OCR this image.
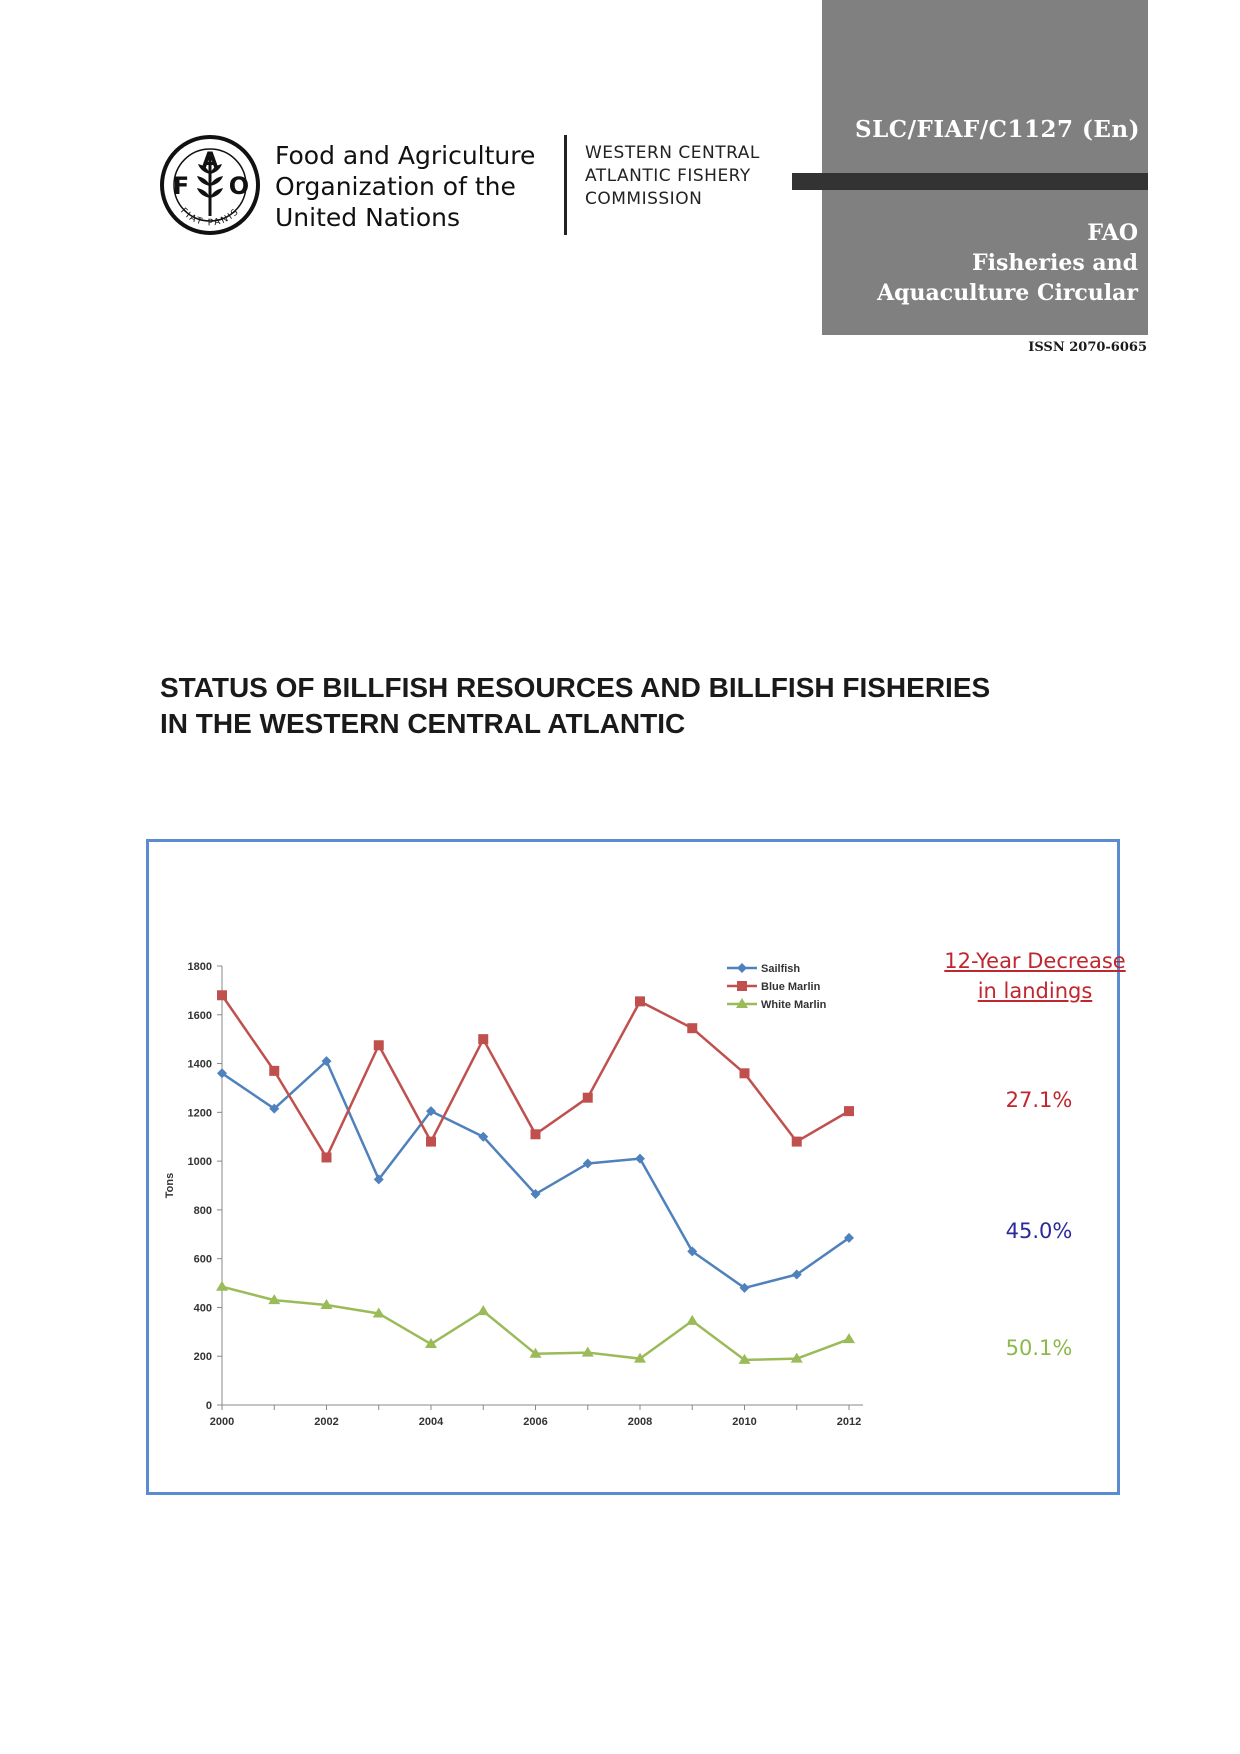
SLC/FIAF/C1127 (En)
FAO
Fisheries and
Aquaculture Circular
ISSN 2070-6065
F
A
O
FIAT PANIS
Food and Agriculture
Organization of the
United Nations
WESTERN CENTRAL
ATLANTIC FISHERY
COMMISSION
STATUS OF BILLFISH RESOURCES AND BILLFISH FISHERIES
IN THE WESTERN CENTRAL ATLANTIC
0
200
400
600
800
1000
1200
1400
1600
1800
2000	2002	2004	2006	2008	2010	2012
Tons
Sailfish
Blue Marlin
White Marlin
12-Year Decrease
in landings
27.1%
45.0%
50.1%
